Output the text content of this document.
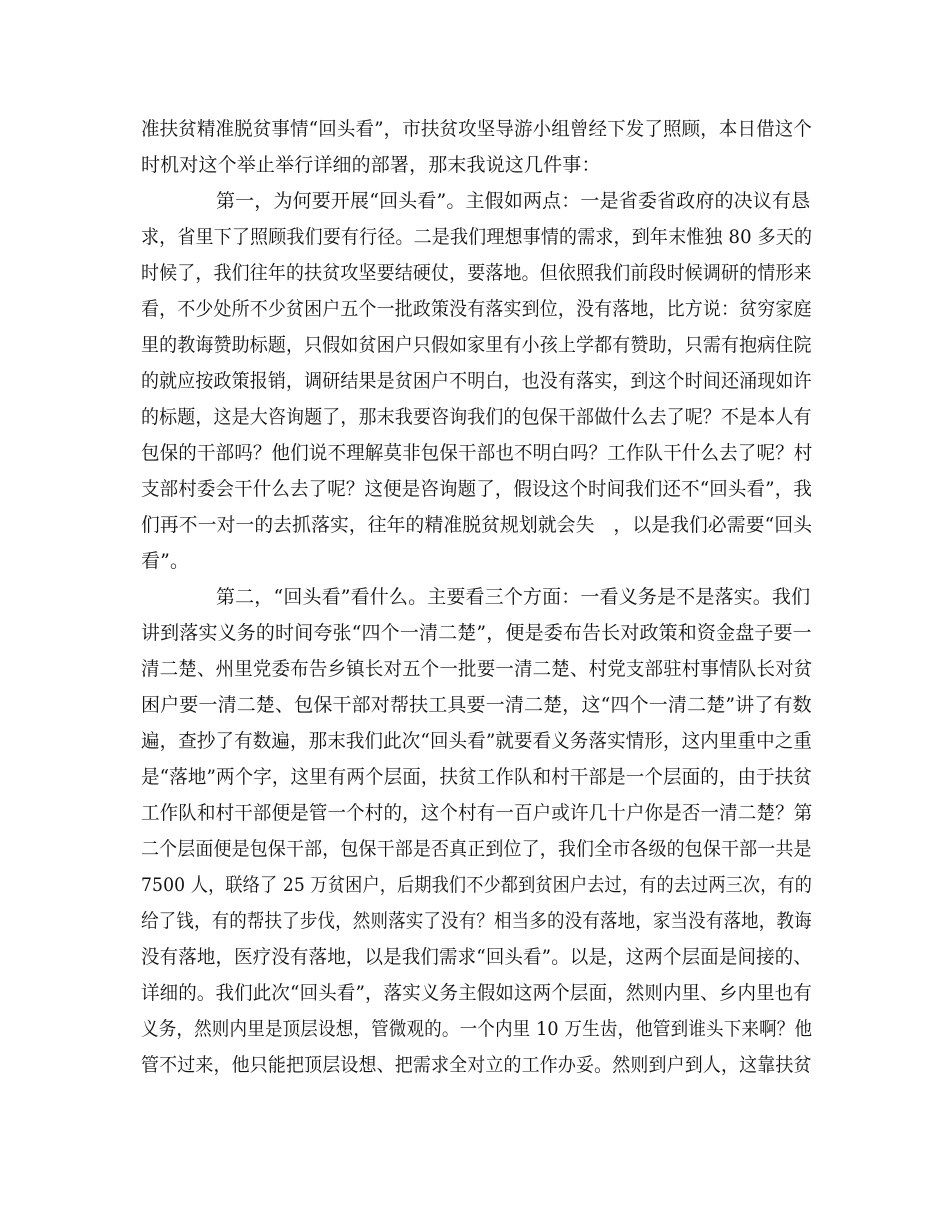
准扶贫精准脱贫事情“回头看”，市扶贫攻坚导游小组曾经下发了照顾，本日借这个
时机对这个举止举行详细的部署，那末我说这几件事：
第一，为何要开展“回头看”。主假如两点：一是省委省政府的决议有恳
求，省里下了照顾我们要有行径。二是我们理想事情的需求，到年末惟独 80 多天的
时候了，我们往年的扶贫攻坚要结硬仗，要落地。但依照我们前段时候调研的情形来
看，不少处所不少贫困户五个一批政策没有落实到位，没有落地，比方说：贫穷家庭
里的教诲赞助标题，只假如贫困户只假如家里有小孩上学都有赞助，只需有抱病住院
的就应按政策报销，调研结果是贫困户不明白，也没有落实，到这个时间还涌现如许
的标题，这是大咨询题了，那末我要咨询我们的包保干部做什么去了呢？不是本人有
包保的干部吗？他们说不理解莫非包保干部也不明白吗？工作队干什么去了呢？村
支部村委会干什么去了呢？这便是咨询题了，假设这个时间我们还不“回头看”，我
们再不一对一的去抓落实，往年的精准脱贫规划就会失　，以是我们必需要“回头
看”。
第二，“回头看”看什么。主要看三个方面：一看义务是不是落实。我们
讲到落实义务的时间夸张“四个一清二楚”，便是委布告长对政策和资金盘子要一
清二楚、州里党委布告乡镇长对五个一批要一清二楚、村党支部驻村事情队长对贫
困户要一清二楚、包保干部对帮扶工具要一清二楚，这“四个一清二楚”讲了有数
遍，查抄了有数遍，那末我们此次“回头看”就要看义务落实情形，这内里重中之重
是“落地”两个字，这里有两个层面，扶贫工作队和村干部是一个层面的，由于扶贫
工作队和村干部便是管一个村的，这个村有一百户或许几十户你是否一清二楚？第
二个层面便是包保干部，包保干部是否真正到位了，我们全市各级的包保干部一共是
7500 人，联络了 25 万贫困户，后期我们不少都到贫困户去过，有的去过两三次，有的
给了钱，有的帮扶了步伐，然则落实了没有？相当多的没有落地，家当没有落地，教诲
没有落地，医疗没有落地，以是我们需求“回头看”。以是，这两个层面是间接的、
详细的。我们此次“回头看”，落实义务主假如这两个层面，然则内里、乡内里也有
义务，然则内里是顶层设想，管微观的。一个内里 10 万生齿，他管到谁头下来啊？他
管不过来，他只能把顶层设想、把需求全对立的工作办妥。然则到户到人，这靠扶贫
